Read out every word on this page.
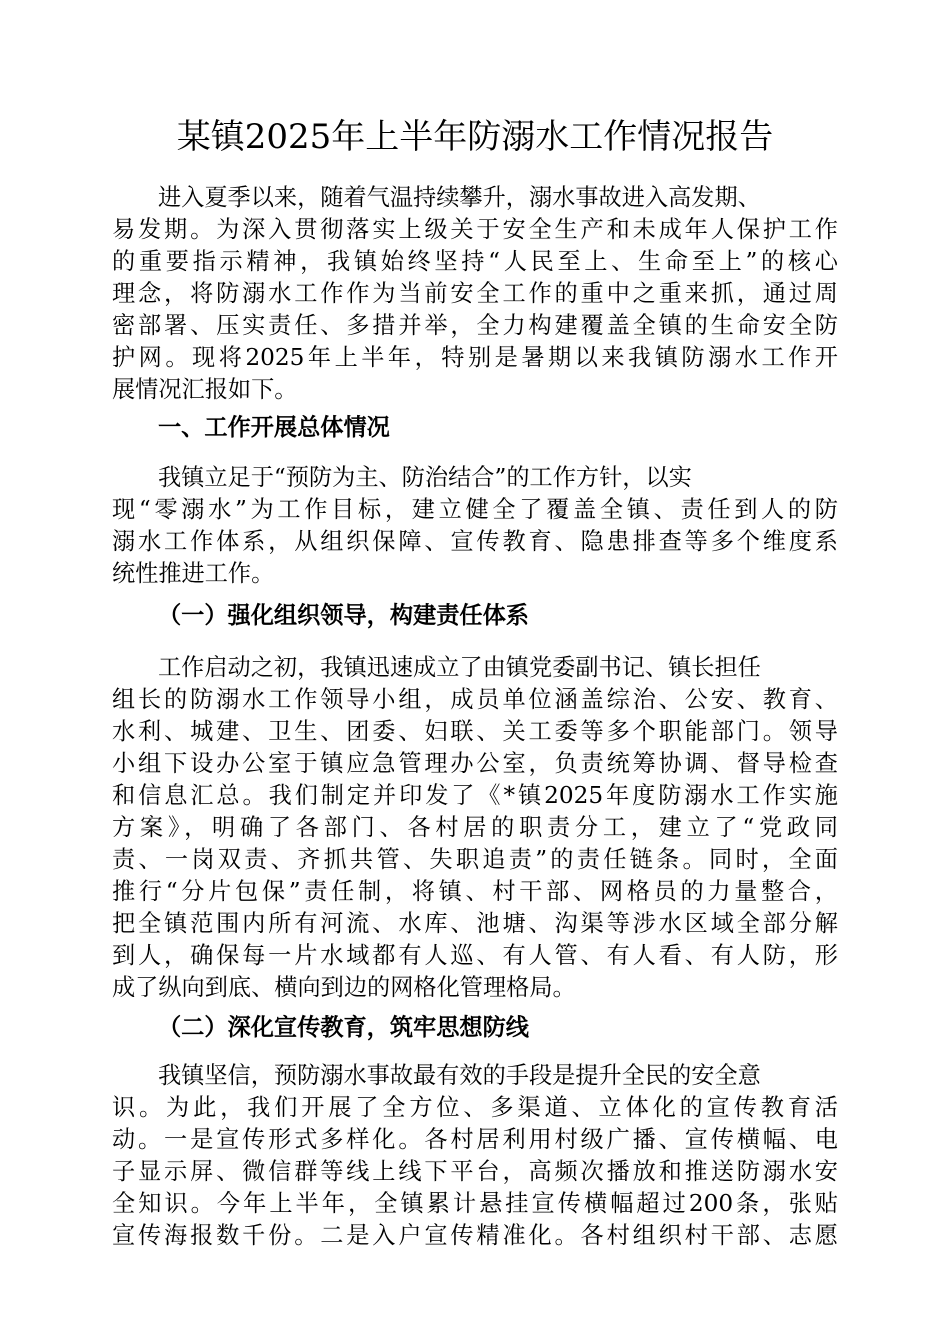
某镇2025年上半年防溺水工作情况报告
进入夏季以来，随着气温持续攀升，溺水事故进入高发期、
易发期。为深入贯彻落实上级关于安全生产和未成年人保护工作
的重要指示精神，我镇始终坚持“人民至上、生命至上”的核心
理念，将防溺水工作作为当前安全工作的重中之重来抓，通过周
密部署、压实责任、多措并举，全力构建覆盖全镇的生命安全防
护网。现将2025年上半年，特别是暑期以来我镇防溺水工作开
展情况汇报如下。
一、工作开展总体情况
我镇立足于“预防为主、防治结合”的工作方针，以实
现“零溺水”为工作目标，建立健全了覆盖全镇、责任到人的防
溺水工作体系，从组织保障、宣传教育、隐患排查等多个维度系
统性推进工作。
（一）强化组织领导，构建责任体系
工作启动之初，我镇迅速成立了由镇党委副书记、镇长担任
组长的防溺水工作领导小组，成员单位涵盖综治、公安、教育、
水利、城建、卫生、团委、妇联、关工委等多个职能部门。领导
小组下设办公室于镇应急管理办公室，负责统筹协调、督导检查
和信息汇总。我们制定并印发了《*镇2025年度防溺水工作实施
方案》，明确了各部门、各村居的职责分工，建立了“党政同
责、一岗双责、齐抓共管、失职追责”的责任链条。同时，全面
推行“分片包保”责任制，将镇、村干部、网格员的力量整合，
把全镇范围内所有河流、水库、池塘、沟渠等涉水区域全部分解
到人，确保每一片水域都有人巡、有人管、有人看、有人防，形
成了纵向到底、横向到边的网格化管理格局。
（二）深化宣传教育，筑牢思想防线
我镇坚信，预防溺水事故最有效的手段是提升全民的安全意
识。为此，我们开展了全方位、多渠道、立体化的宣传教育活
动。一是宣传形式多样化。各村居利用村级广播、宣传横幅、电
子显示屏、微信群等线上线下平台，高频次播放和推送防溺水安
全知识。今年上半年，全镇累计悬挂宣传横幅超过200条，张贴
宣传海报数千份。二是入户宣传精准化。各村组织村干部、志愿
